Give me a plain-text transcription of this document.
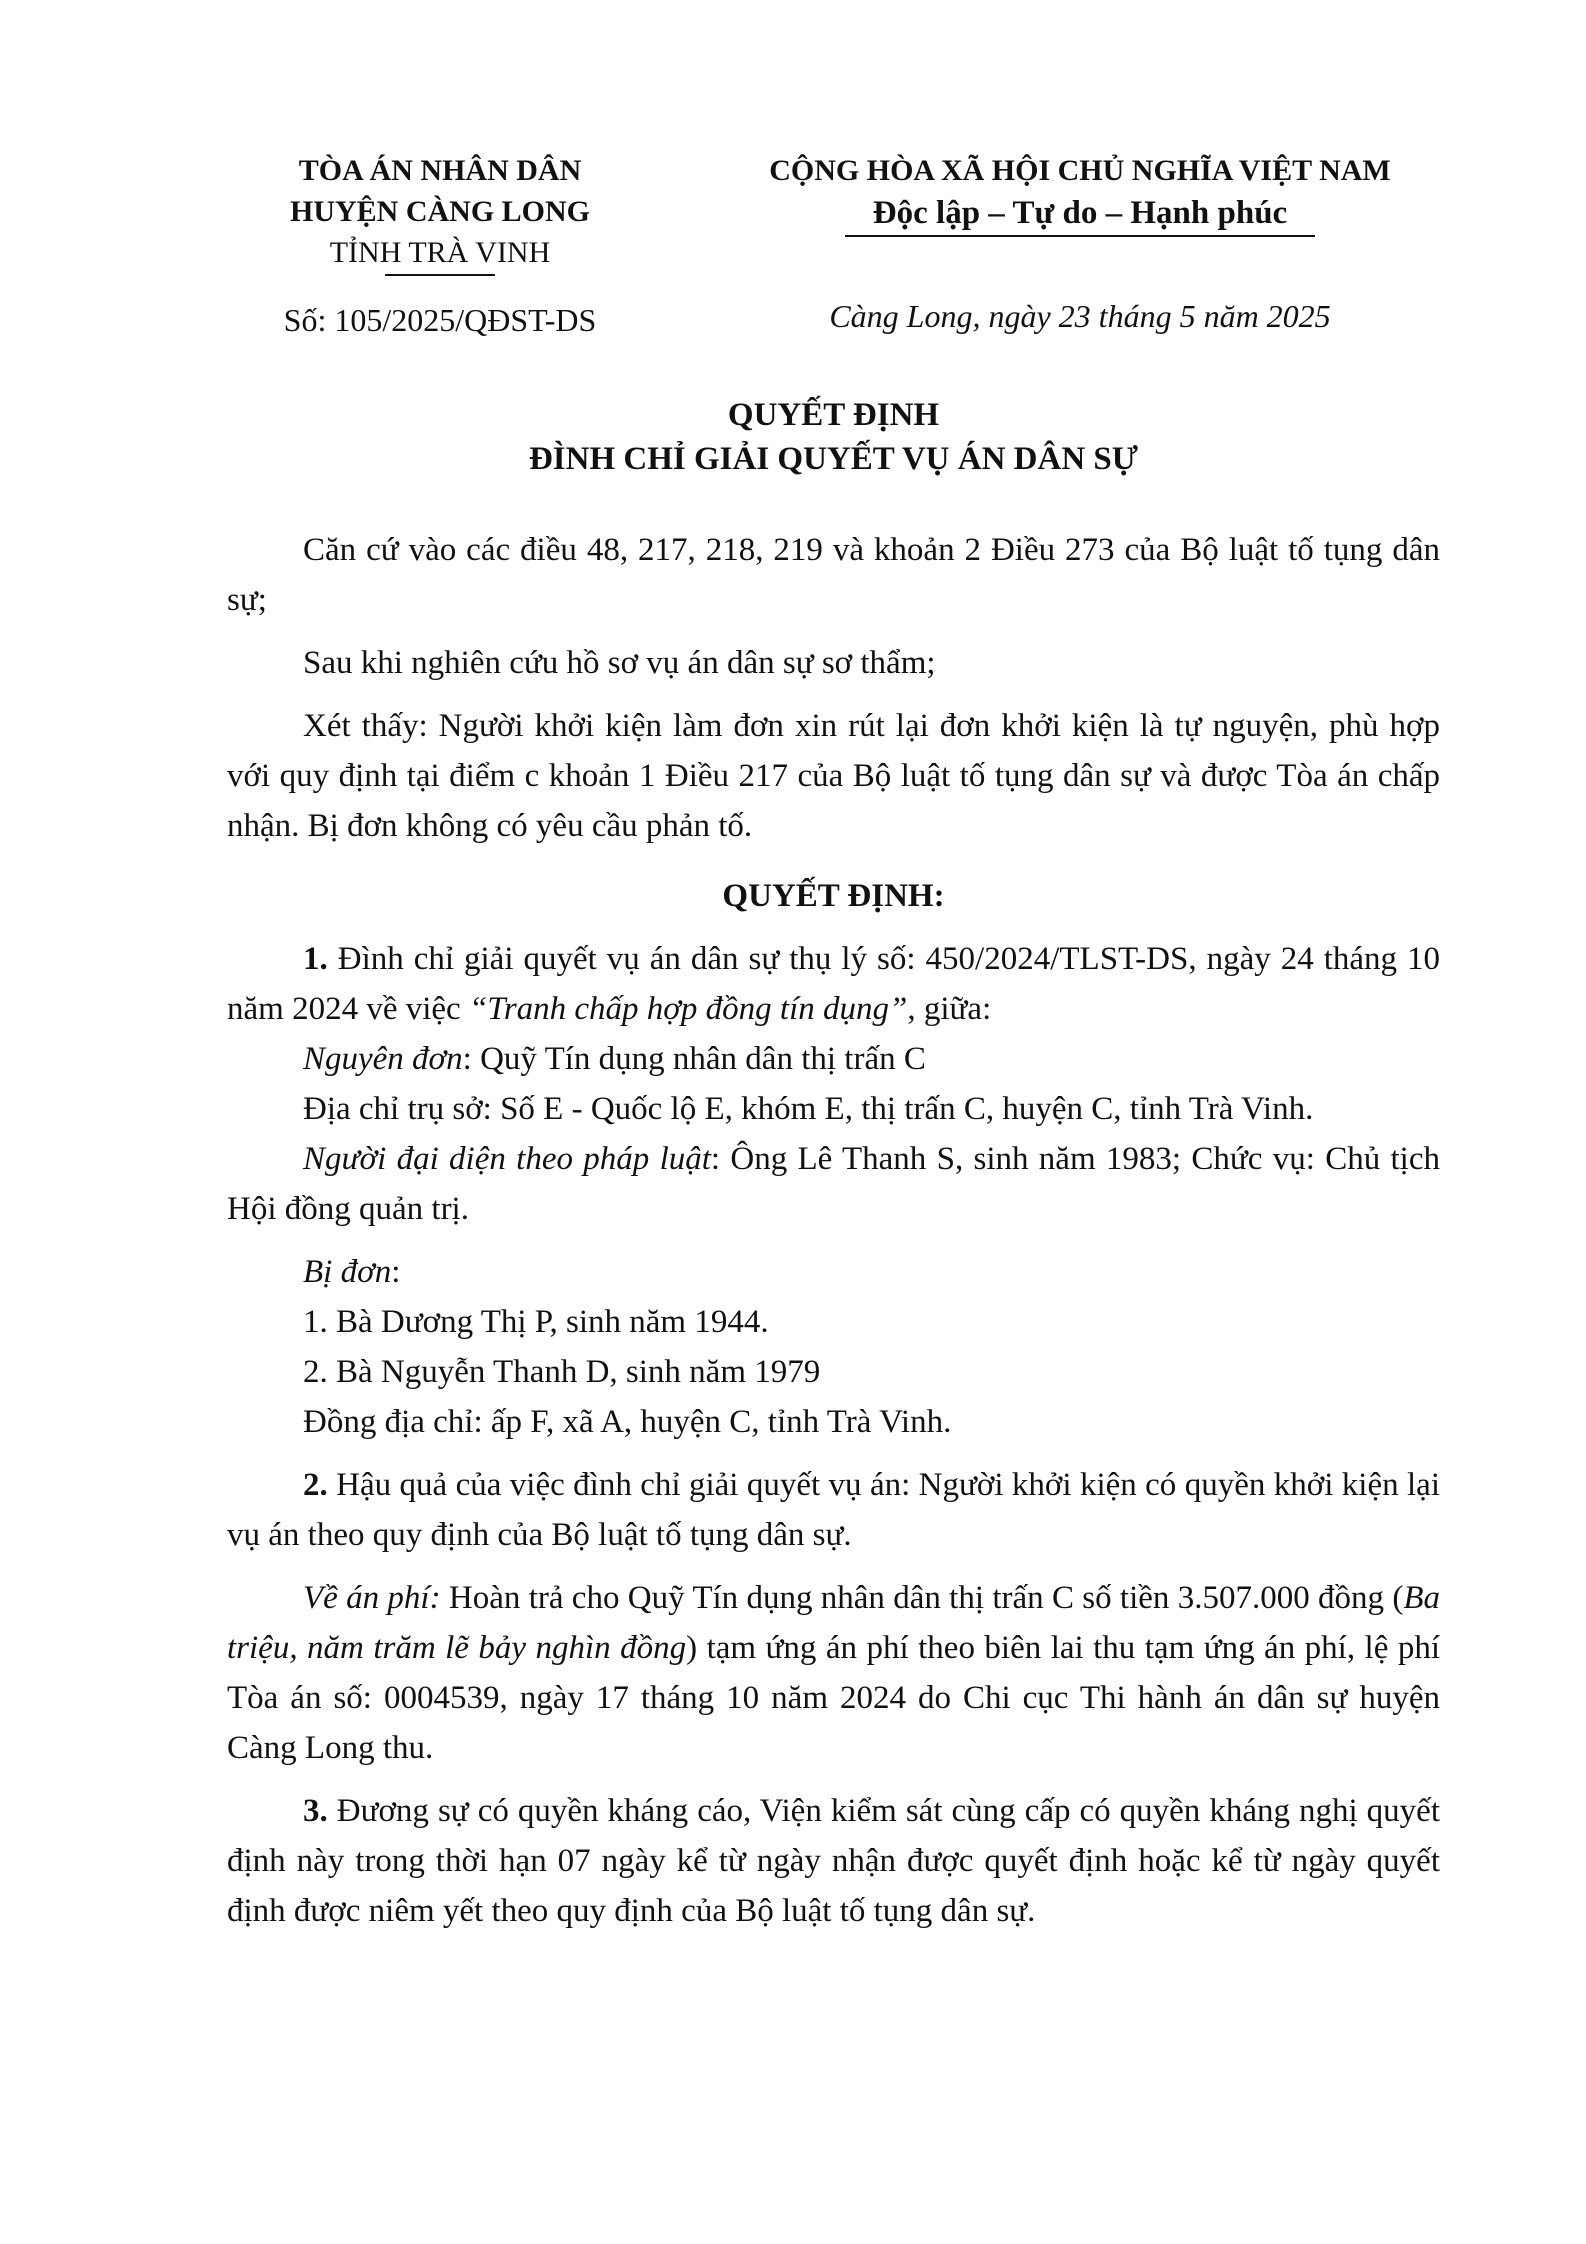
TÒA ÁN NHÂN DÂN
HUYỆN CÀNG LONG
TỈNH TRÀ VINH
CỘNG HÒA XÃ HỘI CHỦ NGHĨA VIỆT NAM
Độc lập – Tự do – Hạnh phúc
Số: 105/2025/QĐST-DS	Càng Long, ngày 23 tháng 5 năm 2025
QUYẾT ĐỊNH
ĐÌNH CHỈ GIẢI QUYẾT VỤ ÁN DÂN SỰ

Căn cứ vào các điều 48, 217, 218, 219 và khoản 2 Điều 273 của Bộ luật tố tụng dân sự;

Sau khi nghiên cứu hồ sơ vụ án dân sự sơ thẩm;

Xét thấy: Người khởi kiện làm đơn xin rút lại đơn khởi kiện là tự nguyện, phù hợp với quy định tại điểm c khoản 1 Điều 217 của Bộ luật tố tụng dân sự và được Tòa án chấp nhận. Bị đơn không có yêu cầu phản tố.

QUYẾT ĐỊNH:

1. Đình chỉ giải quyết vụ án dân sự thụ lý số: 450/2024/TLST-DS, ngày 24 tháng 10 năm 2024 về việc “Tranh chấp hợp đồng tín dụng”, giữa:

Nguyên đơn: Quỹ Tín dụng nhân dân thị trấn C

Địa chỉ trụ sở: Số E - Quốc lộ E, khóm E, thị trấn C, huyện C, tỉnh Trà Vinh.

Người đại diện theo pháp luật: Ông Lê Thanh S, sinh năm 1983; Chức vụ: Chủ tịch Hội đồng quản trị.

Bị đơn:

1. Bà Dương Thị P, sinh năm 1944.

2. Bà Nguyễn Thanh D, sinh năm 1979

Đồng địa chỉ: ấp F, xã A, huyện C, tỉnh Trà Vinh.

2. Hậu quả của việc đình chỉ giải quyết vụ án: Người khởi kiện có quyền khởi kiện lại vụ án theo quy định của Bộ luật tố tụng dân sự.

Về án phí: Hoàn trả cho Quỹ Tín dụng nhân dân thị trấn C số tiền 3.507.000 đồng (Ba triệu, năm trăm lẽ bảy nghìn đồng) tạm ứng án phí theo biên lai thu tạm ứng án phí, lệ phí Tòa án số: 0004539, ngày 17 tháng 10 năm 2024 do Chi cục Thi hành án dân sự huyện Càng Long thu.

3. Đương sự có quyền kháng cáo, Viện kiểm sát cùng cấp có quyền kháng nghị quyết định này trong thời hạn 07 ngày kể từ ngày nhận được quyết định hoặc kể từ ngày quyết định được niêm yết theo quy định của Bộ luật tố tụng dân sự.
